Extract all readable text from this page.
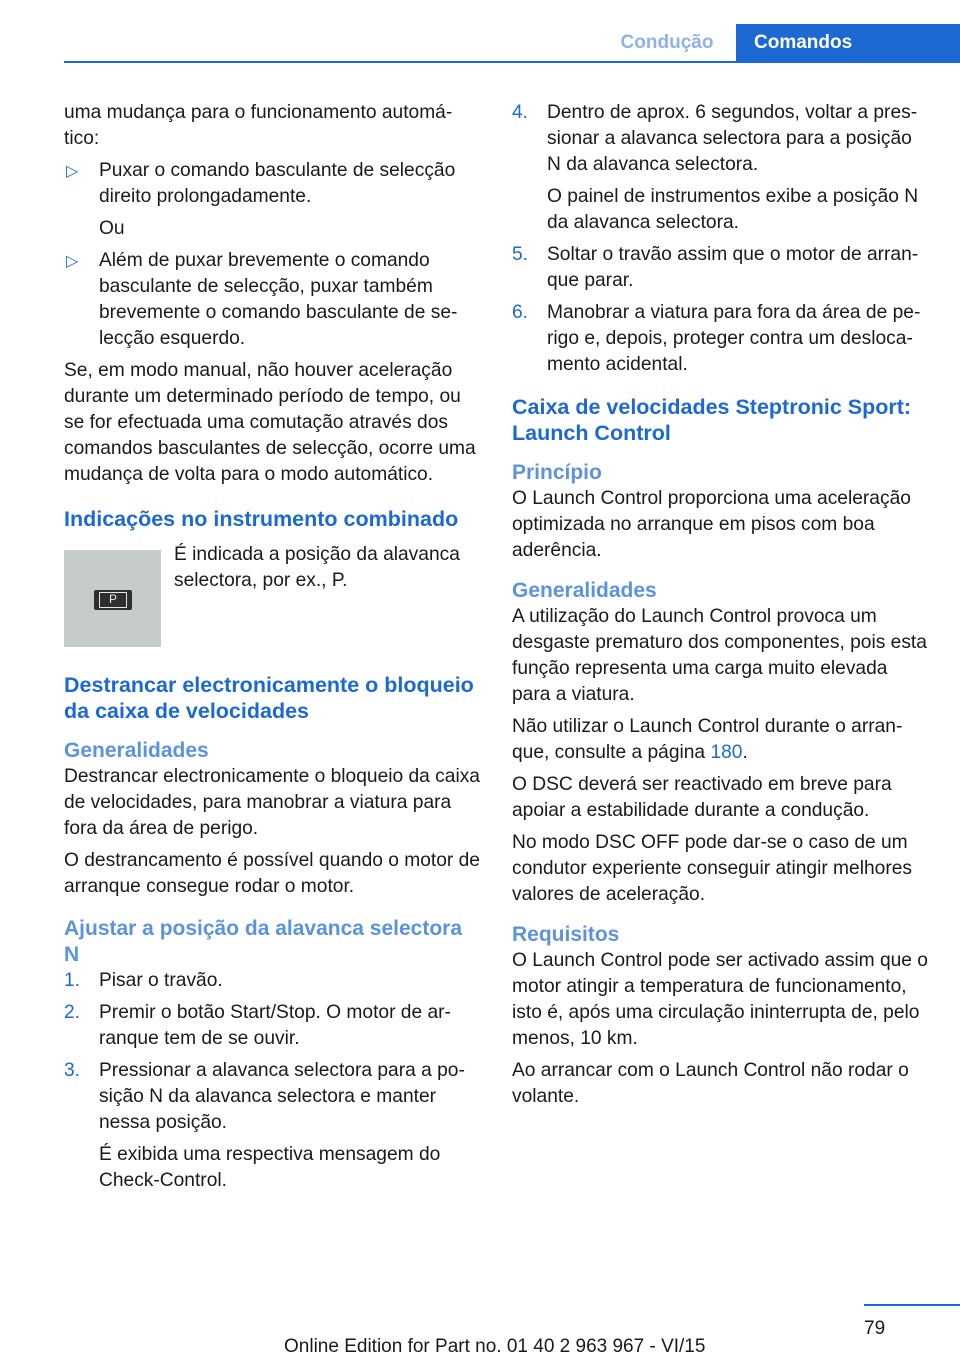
Condução	Comandos

uma mudança para o funcionamento automático:

▷ Puxar o comando basculante de selecção direito prolongadamente.

Ou

▷ Além de puxar brevemente o comando basculante de selecção, puxar também brevemente o comando basculante de selecção esquerdo.

Se, em modo manual, não houver aceleração durante um determinado período de tempo, ou se for efectuada uma comutação através dos comandos basculantes de selecção, ocorre uma mudança de volta para o modo automático.

Indicações no instrumento combinado
P
É indicada a posição da alavanca selectora, por ex., P.
Destrancar electronicamente o bloqueio da caixa de velocidades
Generalidades

Destrancar electronicamente o bloqueio da caixa de velocidades, para manobrar a viatura para fora da área de perigo.

O destrancamento é possível quando o motor de arranque consegue rodar o motor.

Ajustar a posição da alavanca selectora N
1. Pisar o travão.
2. Premir o botão Start/Stop. O motor de arranque tem de se ouvir.
3. Pressionar a alavanca selectora para a posição N da alavanca selectora e manter nessa posição.

É exibida uma respectiva mensagem do Check-Control.

4. Dentro de aprox. 6 segundos, voltar a pressionar a alavanca selectora para a posição N da alavanca selectora.

O painel de instrumentos exibe a posição N da alavanca selectora.

5. Soltar o travão assim que o motor de arranque parar.
6. Manobrar a viatura para fora da área de perigo e, depois, proteger contra um deslocamento acidental.
Caixa de velocidades Steptronic Sport: Launch Control
Princípio

O Launch Control proporciona uma aceleração optimizada no arranque em pisos com boa aderência.

Generalidades

A utilização do Launch Control provoca um desgaste prematuro dos componentes, pois esta função representa uma carga muito elevada para a viatura.

Não utilizar o Launch Control durante o arranque, consulte a página 180.

O DSC deverá ser reactivado em breve para apoiar a estabilidade durante a condução.

No modo DSC OFF pode dar-se o caso de um condutor experiente conseguir atingir melhores valores de aceleração.

Requisitos

O Launch Control pode ser activado assim que o motor atingir a temperatura de funcionamento, isto é, após uma circulação ininterrupta de, pelo menos, 10 km.

Ao arrancar com o Launch Control não rodar o volante.

79
Online Edition for Part no. 01 40 2 963 967 - VI/15
